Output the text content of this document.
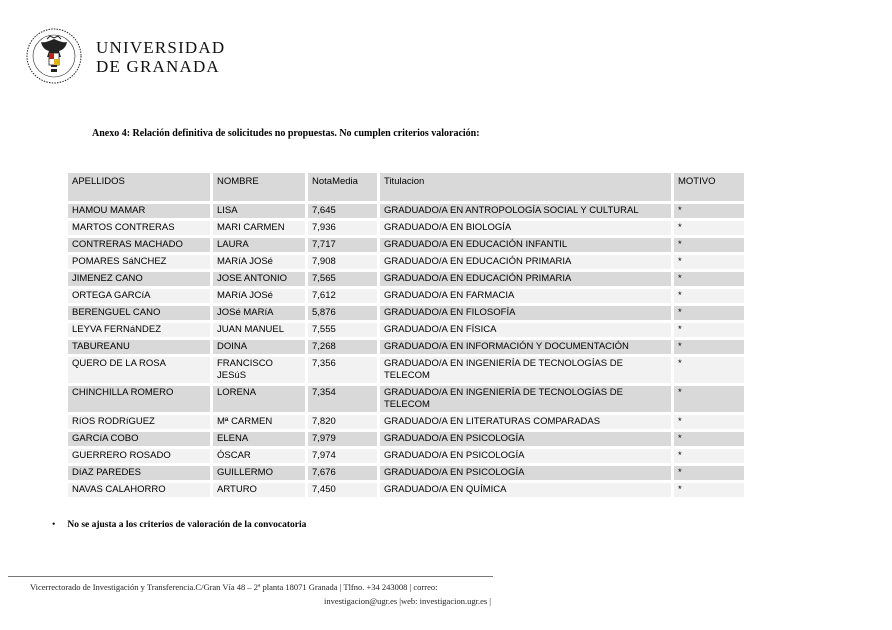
UNIVERSIDAD
DE GRANADA
Anexo 4: Relación definitiva de solicitudes no propuestas. No cumplen criterios valoración:
APELLIDOS	NOMBRE	NotaMedia	Titulacion	MOTIVO
HAMOU MAMAR	LISA	7,645	GRADUADO/A EN ANTROPOLOGÍA SOCIAL Y CULTURAL	*
MARTOS CONTRERAS	MARI CARMEN	7,936	GRADUADO/A EN BIOLOGÍA	*
CONTRERAS MACHADO	LAURA	7,717	GRADUADO/A EN EDUCACIÓN INFANTIL	*
POMARES SáNCHEZ	MARíA JOSé	7,908	GRADUADO/A EN EDUCACIÓN PRIMARIA	*
JIMENEZ CANO	JOSE ANTONIO	7,565	GRADUADO/A EN EDUCACIÓN PRIMARIA	*
ORTEGA GARCíA	MARíA JOSé	7,612	GRADUADO/A EN FARMACIA	*
BERENGUEL CANO	JOSé MARíA	5,876	GRADUADO/A EN FILOSOFÍA	*
LEYVA FERNáNDEZ	JUAN MANUEL	7,555	GRADUADO/A EN FÍSICA	*
TABUREANU	DOINA	7,268	GRADUADO/A EN INFORMACIÓN Y DOCUMENTACIÓN	*
QUERO DE LA ROSA	FRANCISCO JESúS	7,356	GRADUADO/A EN INGENIERÍA DE TECNOLOGÍAS DE TELECOM	*
CHINCHILLA ROMERO	LORENA	7,354	GRADUADO/A EN INGENIERÍA DE TECNOLOGÍAS DE TELECOM	*
RíOS RODRíGUEZ	Mª CARMEN	7,820	GRADUADO/A EN LITERATURAS COMPARADAS	*
GARCíA COBO	ELENA	7,979	GRADUADO/A EN PSICOLOGÍA	*
GUERRERO ROSADO	ÓSCAR	7,974	GRADUADO/A EN PSICOLOGÍA	*
DíAZ PAREDES	GUILLERMO	7,676	GRADUADO/A EN PSICOLOGÍA	*
NAVAS CALAHORRO	ARTURO	7,450	GRADUADO/A EN QUÍMICA	*
• No se ajusta a los criterios de valoración de la convocatoria
Vicerrectorado de Investigación y Transferencia.C/Gran Vía 48 – 2ª planta 18071 Granada | Tlfno. +34 243008 | correo:
investigacion@ugr.es |web: investigacion.ugr.es |
